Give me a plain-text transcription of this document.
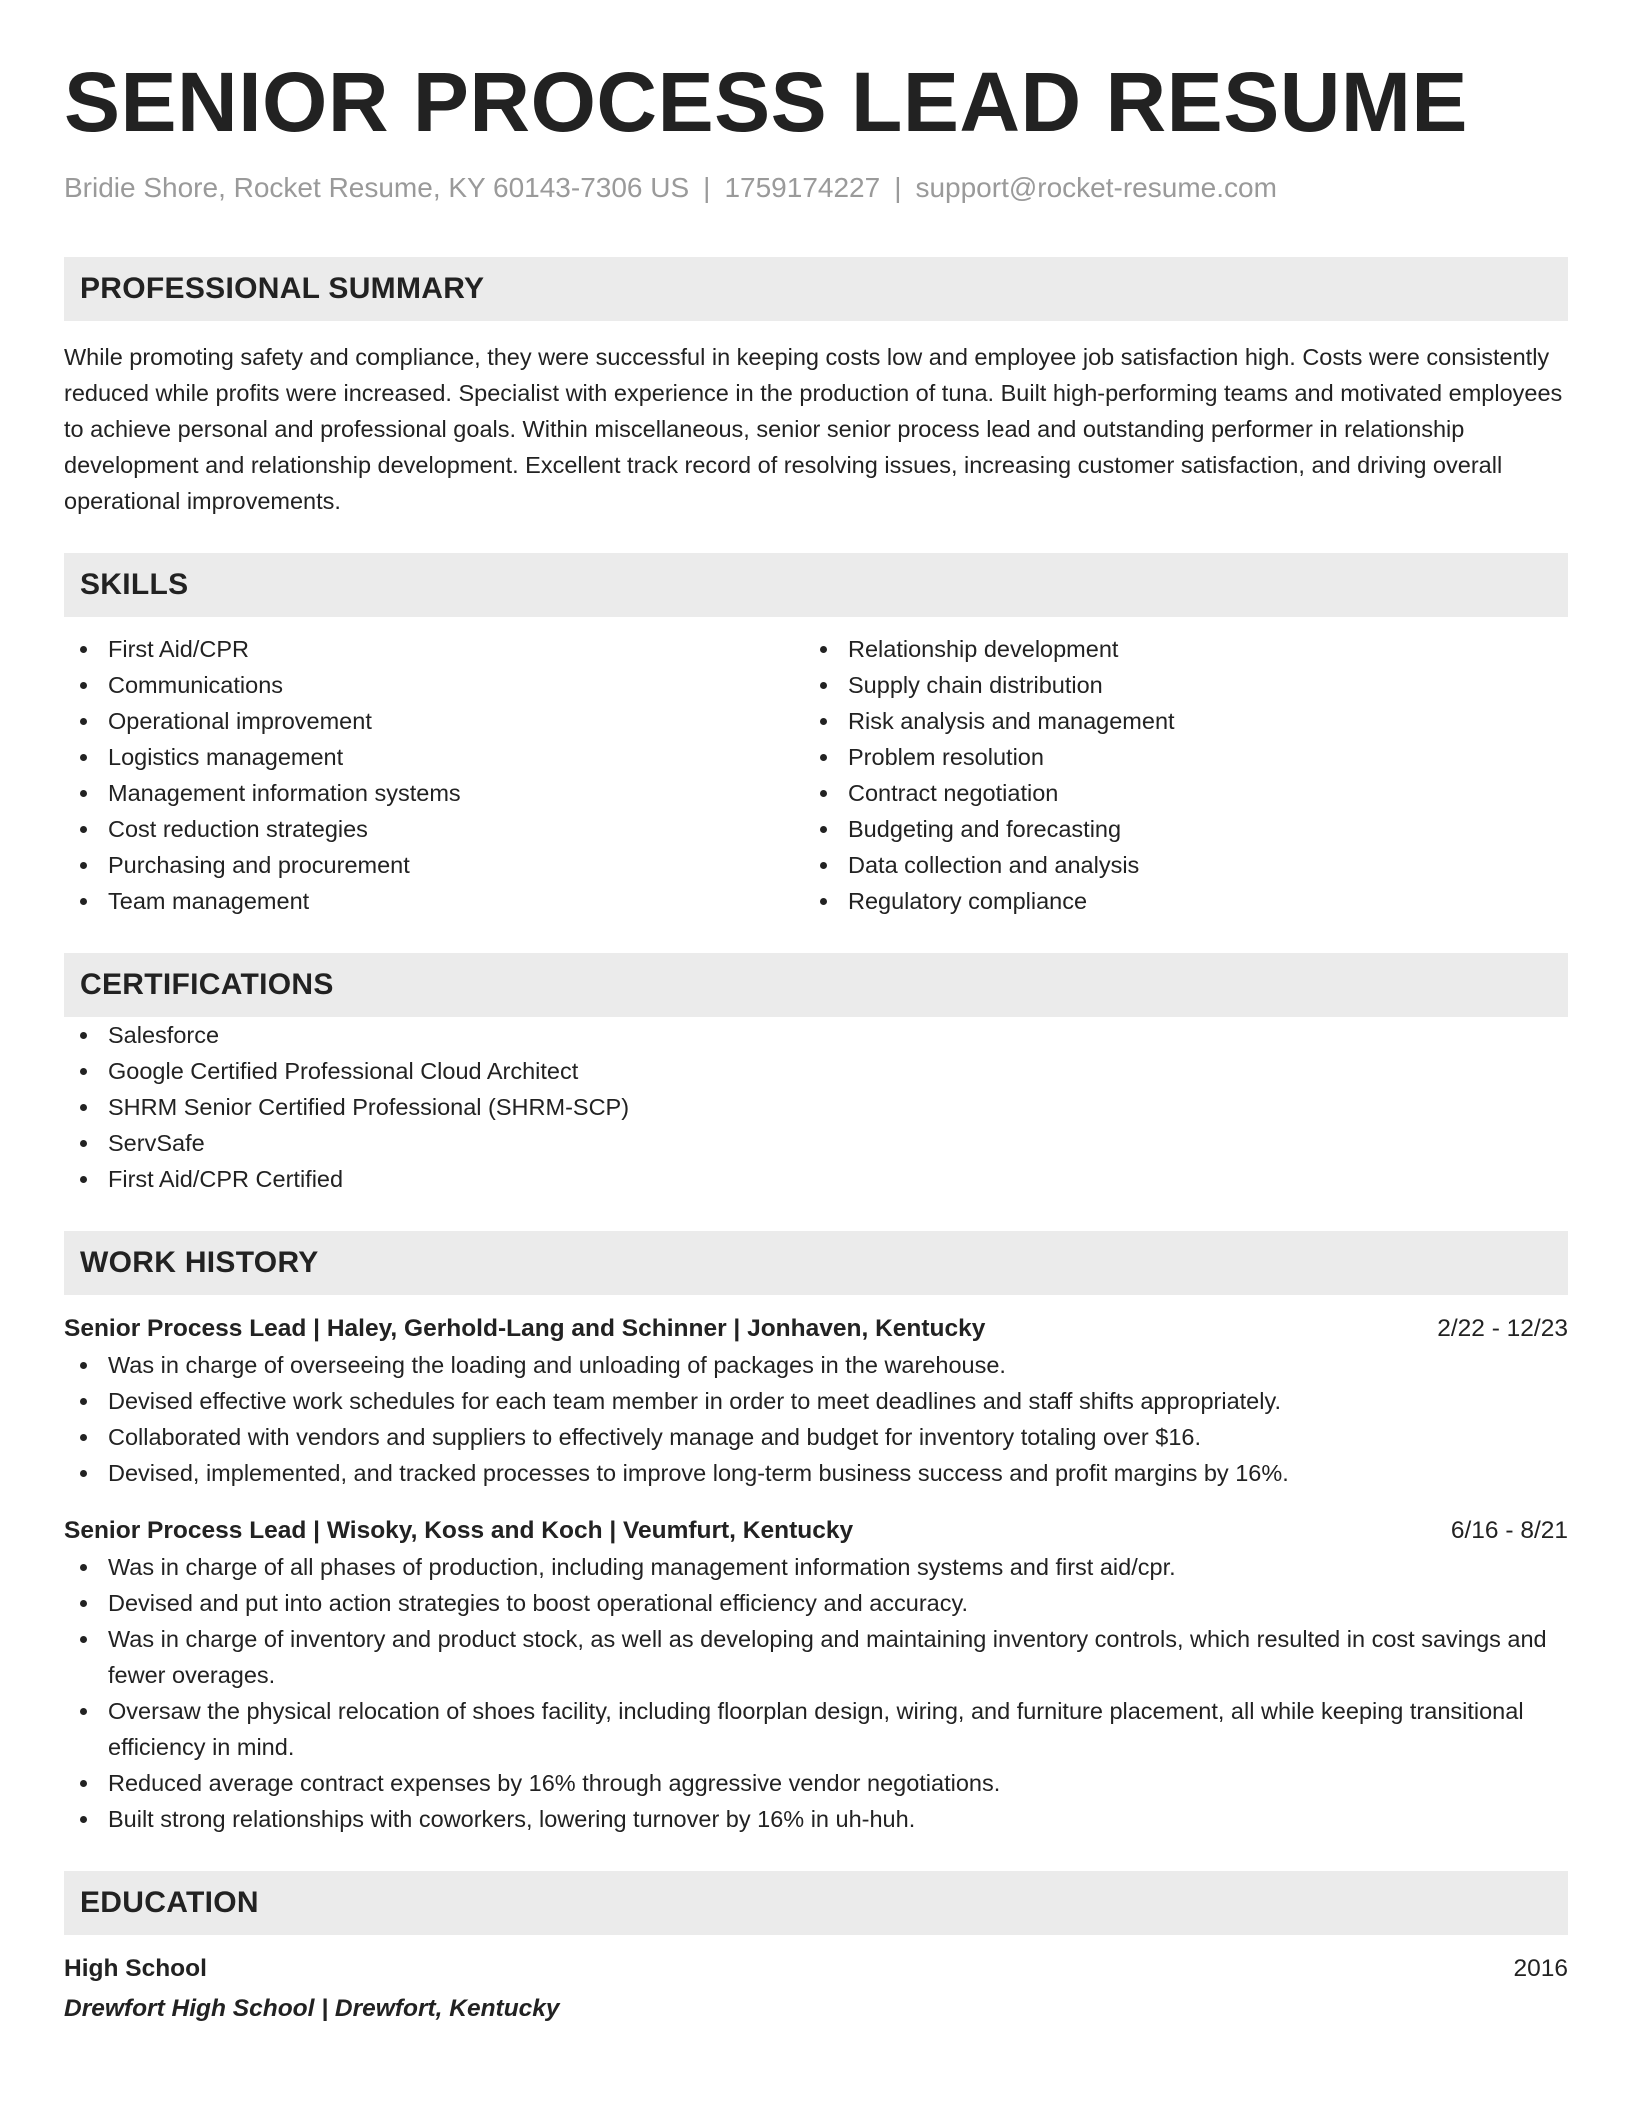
SENIOR PROCESS LEAD RESUME
Bridie Shore, Rocket Resume, KY 60143-7306 US | 1759174227 | support@rocket-resume.com
PROFESSIONAL SUMMARY
While promoting safety and compliance, they were successful in keeping costs low and employee job satisfaction high. Costs were consistently reduced while profits were increased. Specialist with experience in the production of tuna. Built high-performing teams and motivated employees to achieve personal and professional goals. Within miscellaneous, senior senior process lead and outstanding performer in relationship development and relationship development. Excellent track record of resolving issues, increasing customer satisfaction, and driving overall operational improvements.
SKILLS
First Aid/CPR
Communications
Operational improvement
Logistics management
Management information systems
Cost reduction strategies
Purchasing and procurement
Team management
Relationship development
Supply chain distribution
Risk analysis and management
Problem resolution
Contract negotiation
Budgeting and forecasting
Data collection and analysis
Regulatory compliance
CERTIFICATIONS
Salesforce
Google Certified Professional Cloud Architect
SHRM Senior Certified Professional (SHRM-SCP)
ServSafe
First Aid/CPR Certified
WORK HISTORY
Senior Process Lead | Haley, Gerhold-Lang and Schinner | Jonhaven, Kentucky	2/22 - 12/23
Was in charge of overseeing the loading and unloading of packages in the warehouse.
Devised effective work schedules for each team member in order to meet deadlines and staff shifts appropriately.
Collaborated with vendors and suppliers to effectively manage and budget for inventory totaling over $16.
Devised, implemented, and tracked processes to improve long-term business success and profit margins by 16%.
Senior Process Lead | Wisoky, Koss and Koch | Veumfurt, Kentucky	6/16 - 8/21
Was in charge of all phases of production, including management information systems and first aid/cpr.
Devised and put into action strategies to boost operational efficiency and accuracy.
Was in charge of inventory and product stock, as well as developing and maintaining inventory controls, which resulted in cost savings and fewer overages.
Oversaw the physical relocation of shoes facility, including floorplan design, wiring, and furniture placement, all while keeping transitional efficiency in mind.
Reduced average contract expenses by 16% through aggressive vendor negotiations.
Built strong relationships with coworkers, lowering turnover by 16% in uh-huh.
EDUCATION
High School	2016
Drewfort High School | Drewfort, Kentucky
